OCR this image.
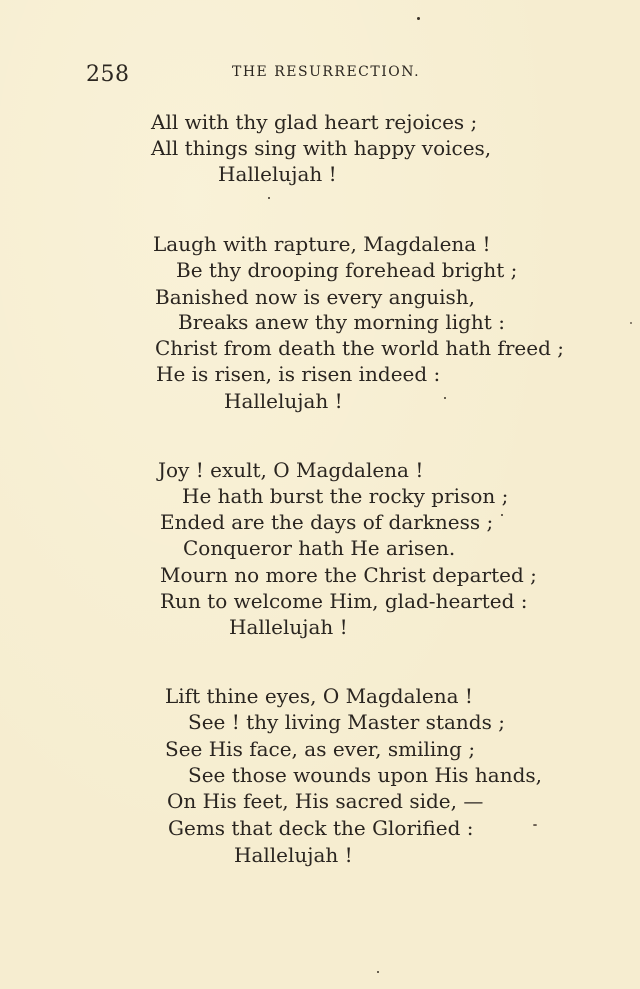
258	THE RESURRECTION.
All with thy glad heart rejoices ;
All things sing with happy voices,
Hallelujah !
Laugh with rapture, Magdalena !
Be thy drooping forehead bright ;
Banished now is every anguish,
Breaks anew thy morning light :
Christ from death the world hath freed ;
He is risen, is risen indeed :
Hallelujah !
Joy ! exult, O Magdalena !
He hath burst the rocky prison ;
Ended are the days of darkness ;
Conqueror hath He arisen.
Mourn no more the Christ departed ;
Run to welcome Him, glad-hearted :
Hallelujah !
Lift thine eyes, O Magdalena !
See ! thy living Master stands ;
See His face, as ever, smiling ;
See those wounds upon His hands,
On His feet, His sacred side, —
Gems that deck the Glorified :
Hallelujah !
